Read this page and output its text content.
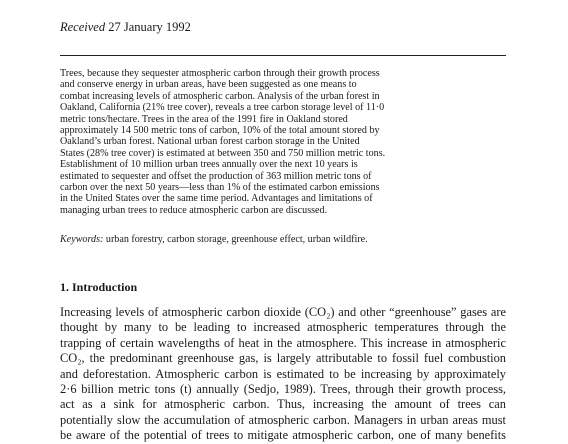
Received 27 January 1992
Trees, because they sequester atmospheric carbon through their growth process
and conserve energy in urban areas, have been suggested as one means to
combat increasing levels of atmospheric carbon. Analysis of the urban forest in
Oakland, California (21% tree cover), reveals a tree carbon storage level of 11·0
metric tons/hectare. Trees in the area of the 1991 fire in Oakland stored
approximately 14 500 metric tons of carbon, 10% of the total amount stored by
Oakland’s urban forest. National urban forest carbon storage in the United
States (28% tree cover) is estimated at between 350 and 750 million metric tons.
Establishment of 10 million urban trees annually over the next 10 years is
estimated to sequester and offset the production of 363 million metric tons of
carbon over the next 50 years—less than 1% of the estimated carbon emissions
in the United States over the same time period. Advantages and limitations of
managing urban trees to reduce atmospheric carbon are discussed.
Keywords: urban forestry, carbon storage, greenhouse effect, urban wildfire.
1. Introduction
Increasing levels of atmospheric carbon dioxide (CO₂) and other “greenhouse” gases are
thought by many to be leading to increased atmospheric temperatures through the
trapping of certain wavelengths of heat in the atmosphere. This increase in atmospheric
CO₂, the predominant greenhouse gas, is largely attributable to fossil fuel combustion
and deforestation. Atmospheric carbon is estimated to be increasing by approximately
2·6 billion metric tons (t) annually (Sedjo, 1989). Trees, through their growth process,
act as a sink for atmospheric carbon. Thus, increasing the amount of trees can
potentially slow the accumulation of atmospheric carbon. Managers in urban areas must
be aware of the potential of trees to mitigate atmospheric carbon, one of many benefits
